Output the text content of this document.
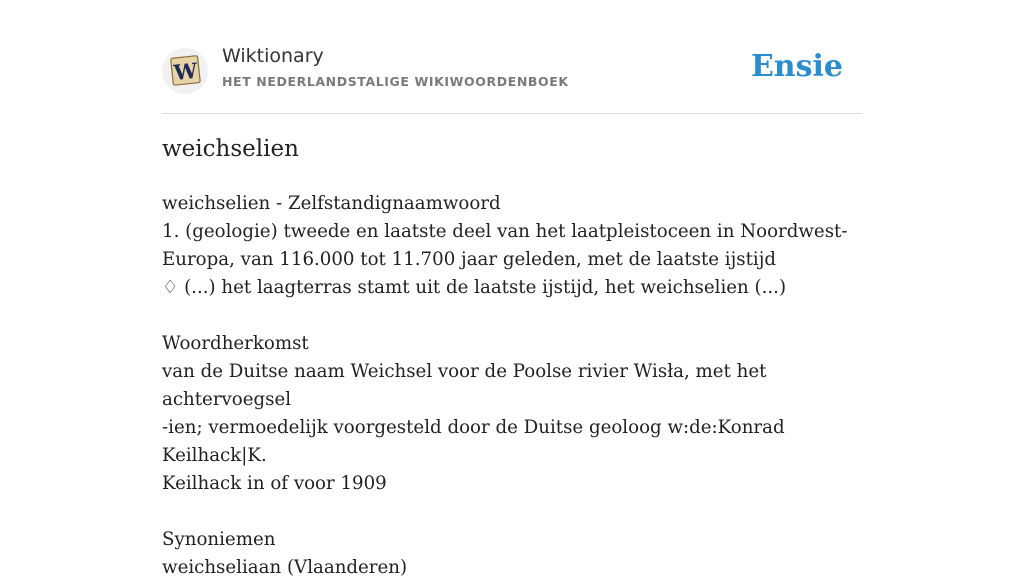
W
Wiktionary
HET NEDERLANDSTALIGE WIKIWOORDENBOEK	Ensie
weichselien
weichselien - Zelfstandignaamwoord
1. (geologie) tweede en laatste deel van het laatpleistoceen in Noordwest-
Europa, van 116.000 tot 11.700 jaar geleden, met de laatste ijstijd
♢ (...) het laagterras stamt uit de laatste ijstijd, het weichselien (...)
Woordherkomst
van de Duitse naam Weichsel voor de Poolse rivier Wisła, met het achtervoegsel
-ien; vermoedelijk voorgesteld door de Duitse geoloog w:de:Konrad Keilhack|K.
Keilhack in of voor 1909
Synoniemen
weichseliaan (Vlaanderen)
